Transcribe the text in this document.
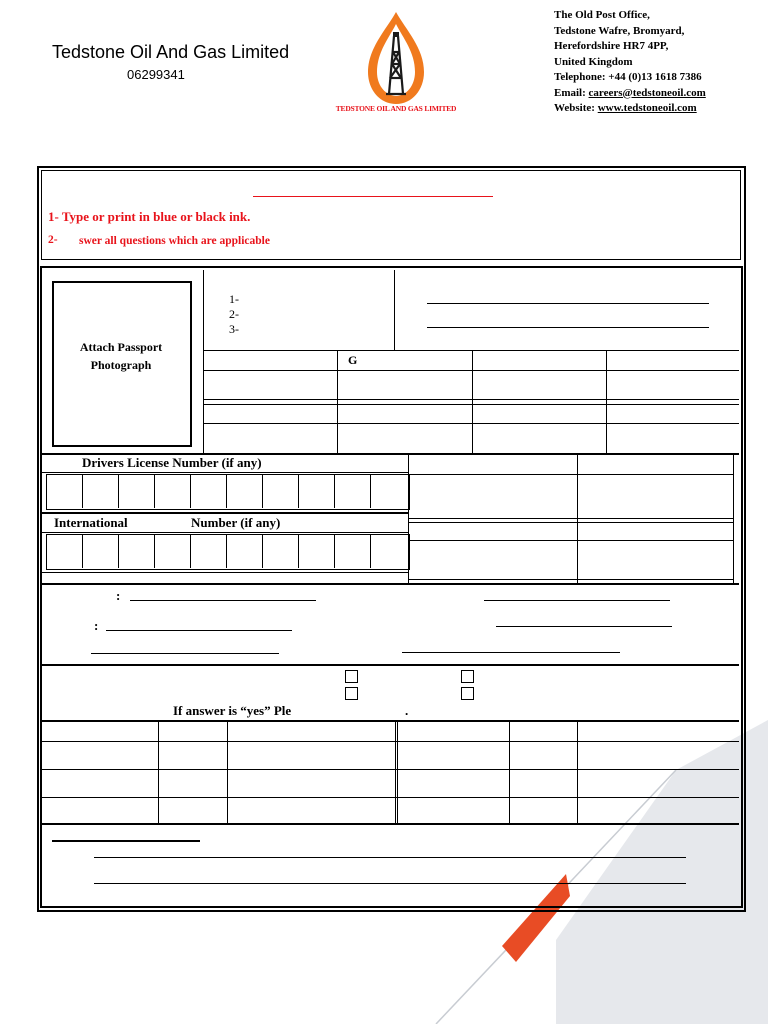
Tedstone Oil And Gas Limited
06299341
TEDSTONE OIL AND GAS LIMITED
The Old Post Office,
Tedstone Wafre, Bromyard,
Herefordshire HR7 4PP,
United Kingdom
Telephone: +44 (0)13 1618 7386
Email: careers@tedstoneoil.com
Website: www.tedstoneoil.com
1- Type or print in blue or black ink.
2- swer all questions which are applicable
Attach Passport
Photograph
1-
2-
3-
G
Drivers License Number (if any)
International	Number (if any)
:
:
If answer is “yes” Ple	.
